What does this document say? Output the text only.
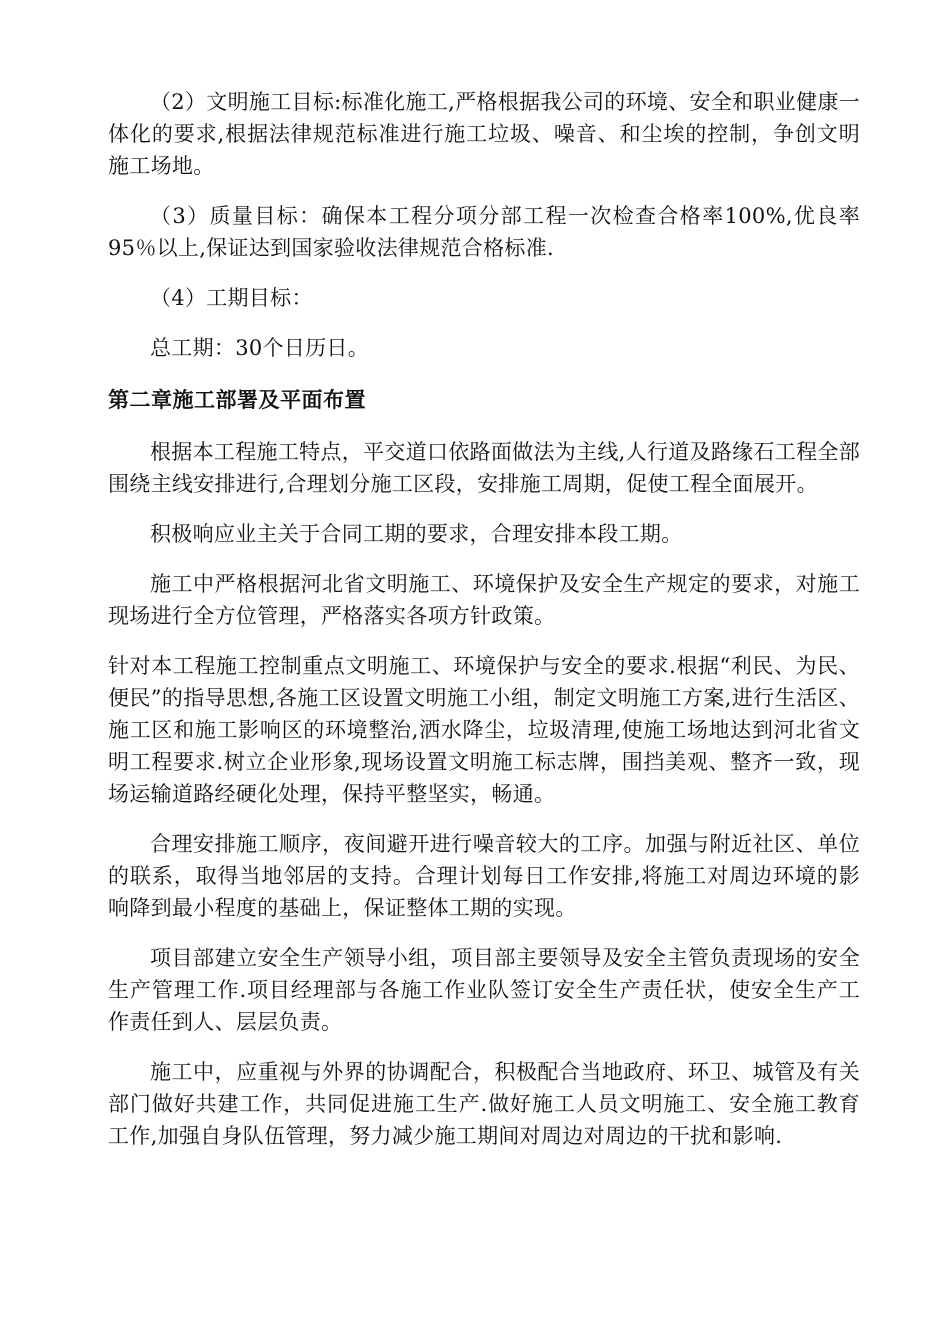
（2）文明施工目标:标准化施工,严格根据我公司的环境、安全和职业健康一体化的要求,根据法律规范标准进行施工垃圾、噪音、和尘埃的控制，争创文明施工场地。

（3）质量目标：确保本工程分项分部工程一次检查合格率100%,优良率95％以上,保证达到国家验收法律规范合格标准.

（4）工期目标：

总工期：30个日历日。

第二章施工部署及平面布置

根据本工程施工特点，平交道口依路面做法为主线,人行道及路缘石工程全部围绕主线安排进行,合理划分施工区段，安排施工周期，促使工程全面展开。

积极响应业主关于合同工期的要求，合理安排本段工期。

施工中严格根据河北省文明施工、环境保护及安全生产规定的要求，对施工现场进行全方位管理，严格落实各项方针政策。

针对本工程施工控制重点文明施工、环境保护与安全的要求.根据“利民、为民、便民”的指导思想,各施工区设置文明施工小组，制定文明施工方案,进行生活区、施工区和施工影响区的环境整治,洒水降尘，垃圾清理,使施工场地达到河北省文明工程要求.树立企业形象,现场设置文明施工标志牌，围挡美观、整齐一致，现场运输道路经硬化处理，保持平整坚实，畅通。

合理安排施工顺序，夜间避开进行噪音较大的工序。加强与附近社区、单位的联系，取得当地邻居的支持。合理计划每日工作安排,将施工对周边环境的影响降到最小程度的基础上，保证整体工期的实现。

项目部建立安全生产领导小组，项目部主要领导及安全主管负责现场的安全生产管理工作.项目经理部与各施工作业队签订安全生产责任状，使安全生产工作责任到人、层层负责。

施工中，应重视与外界的协调配合，积极配合当地政府、环卫、城管及有关部门做好共建工作，共同促进施工生产.做好施工人员文明施工、安全施工教育工作,加强自身队伍管理，努力减少施工期间对周边对周边的干扰和影响.
